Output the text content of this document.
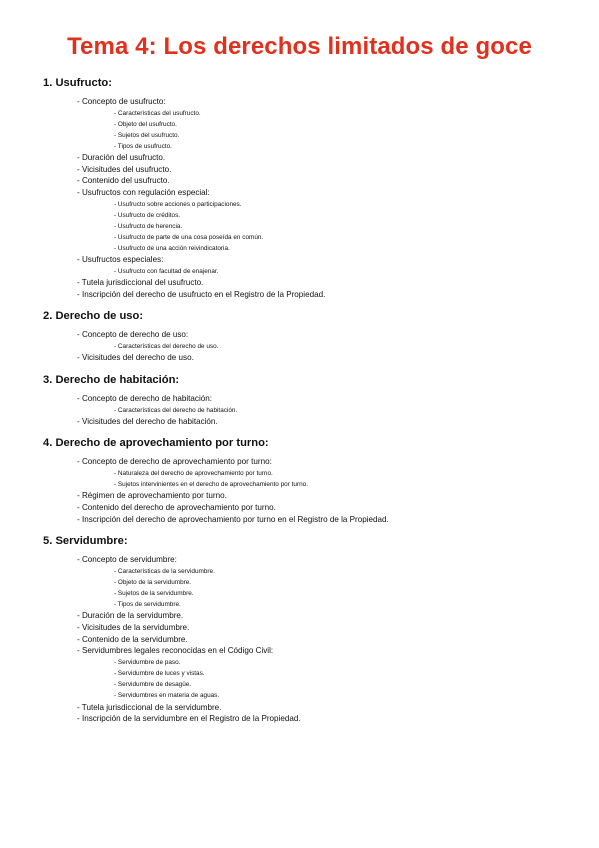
Tema 4: Los derechos limitados de goce
1. Usufructo:
- Concepto de usufructo:
- Características del usufructo.
- Objeto del usufructo.
- Sujetos del usufructo.
- Tipos de usufructo.
- Duración del usufructo.
- Vicisitudes del usufructo.
- Contenido del usufructo.
- Usufructos con regulación especial:
- Usufructo sobre acciones o participaciones.
- Usufructo de créditos.
- Usufructo de herencia.
- Usufructo de parte de una cosa poseída en común.
- Usufructo de una acción reivindicatoria.
- Usufructos especiales:
- Usufructo con facultad de enajenar.
- Tutela jurisdiccional del usufructo.
- Inscripción del derecho de usufructo en el Registro de la Propiedad.
2. Derecho de uso:
- Concepto de derecho de uso:
- Características del derecho de uso.
- Vicisitudes del derecho de uso.
3. Derecho de habitación:
- Concepto de derecho de habitación:
- Características del derecho de habitación.
- Vicisitudes del derecho de habitación.
4. Derecho de aprovechamiento por turno:
- Concepto de derecho de aprovechamiento por turno:
- Naturaleza del derecho de aprovechamiento por turno.
- Sujetos intervinientes en el derecho de aprovechamiento por turno.
- Régimen de aprovechamiento por turno.
- Contenido del derecho de aprovechamiento por turno.
- Inscripción del derecho de aprovechamiento por turno en el Registro de la Propiedad.
5. Servidumbre:
- Concepto de servidumbre:
- Características de la servidumbre.
- Objeto de la servidumbre.
- Sujetos de la servidumbre.
- Tipos de servidumbre.
- Duración de la servidumbre.
- Vicisitudes de la servidumbre.
- Contenido de la servidumbre.
- Servidumbres legales reconocidas en el Código Civil:
- Servidumbre de paso.
- Servidumbre de luces y vistas.
- Servidumbre de desagüe.
- Servidumbres en materia de aguas.
- Tutela jurisdiccional de la servidumbre.
- Inscripción de la servidumbre en el Registro de la Propiedad.
